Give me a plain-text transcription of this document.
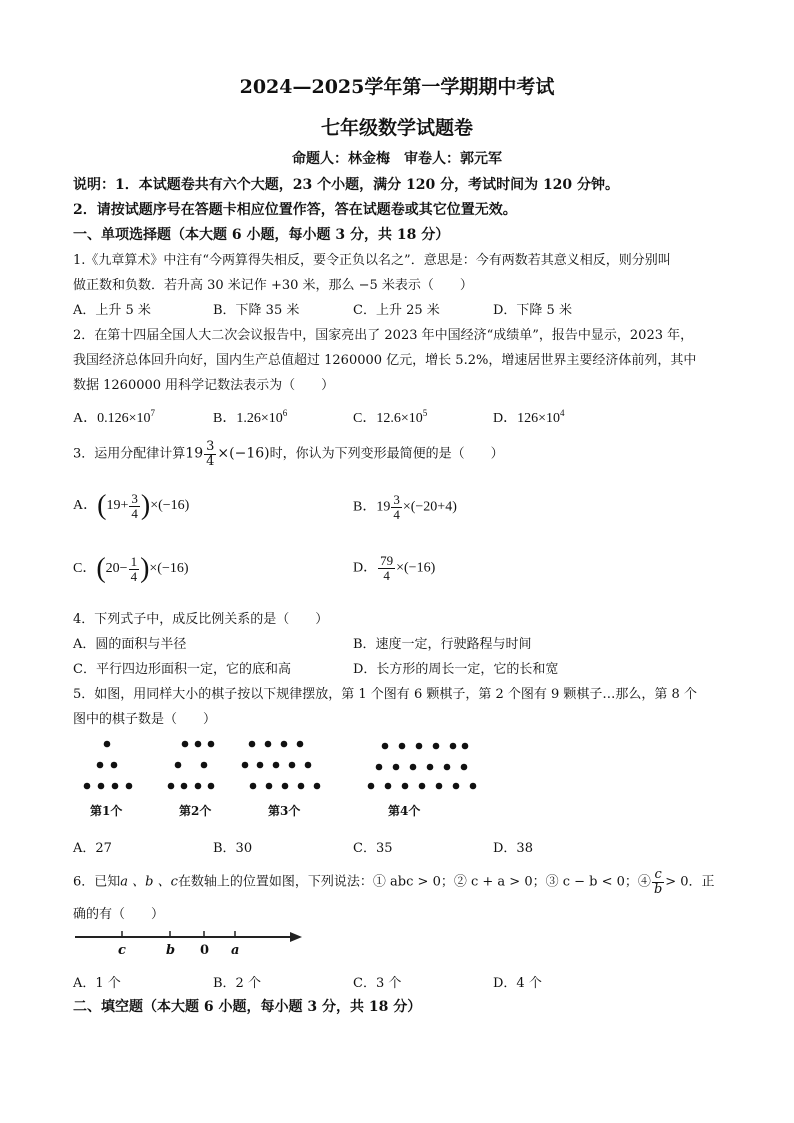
2024—2025学年第一学期期中考试
七年级数学试题卷
命题人：林金梅　审卷人：郭元军
说明：1．本试题卷共有六个大题，23 个小题，满分 120 分，考试时间为 120 分钟。
2．请按试题序号在答题卡相应位置作答，答在试题卷或其它位置无效。
一、单项选择题（本大题 6 小题，每小题 3 分，共 18 分）
1.《九章算术》中注有“今两算得失相反，要令正负以名之”．意思是：今有两数若其意义相反，则分别叫
做正数和负数．若升高 30 米记作 +30 米，那么 −5 米表示（　　）
A．上升 5 米	B．下降 35 米	C．上升 25 米	D．下降 5 米
2．在第十四届全国人大二次会议报告中，国家亮出了 2023 年中国经济“成绩单”，报告中显示，2023 年，
我国经济总体回升向好，国内生产总值超过 1260000 亿元，增长 5.2%，增速居世界主要经济体前列，其中
数据 1260000 用科学记数法表示为（　　）
A．$0.126\times 10^7$	B．$1.26\times 10^6$	C．$12.6\times 10^5$	D．$126\times 10^4$
3．运用分配律计算$19 \frac{3}{4} \times(-16)$时，你认为下列变形最简便的是（　　）
A．$(19+ \frac{3}{4} )\times(-16)$	B．$19 \frac{3}{4} \times(-20+4)$
C．$(20- \frac{1}{4} )\times(-16)$	D． $\frac{79}{4} \times(-16)$
4．下列式子中，成反比例关系的是（　　）
A．圆的面积与半径	B．速度一定，行驶路程与时间
C．平行四边形面积一定，它的底和高	D．长方形的周长一定，它的长和宽
5．如图，用同样大小的棋子按以下规律摆放，第 1 个图有 6 颗棋子，第 2 个图有 9 颗棋子…那么，第 8 个
图中的棋子数是（　　）
第1个	第2个	第3个	第4个
A．27	B．30	C．35	D．38
6．已知a 、b 、c在数轴上的位置如图，下列说法：① abc > 0；② c + a > 0；③ c − b < 0；④ $\frac{c}{b} > 0$．正
确的有（　　）
c	b 0 a
A．1 个	B．2 个	C．3 个	D．4 个
二、填空题（本大题 6 小题，每小题 3 分，共 18 分）
